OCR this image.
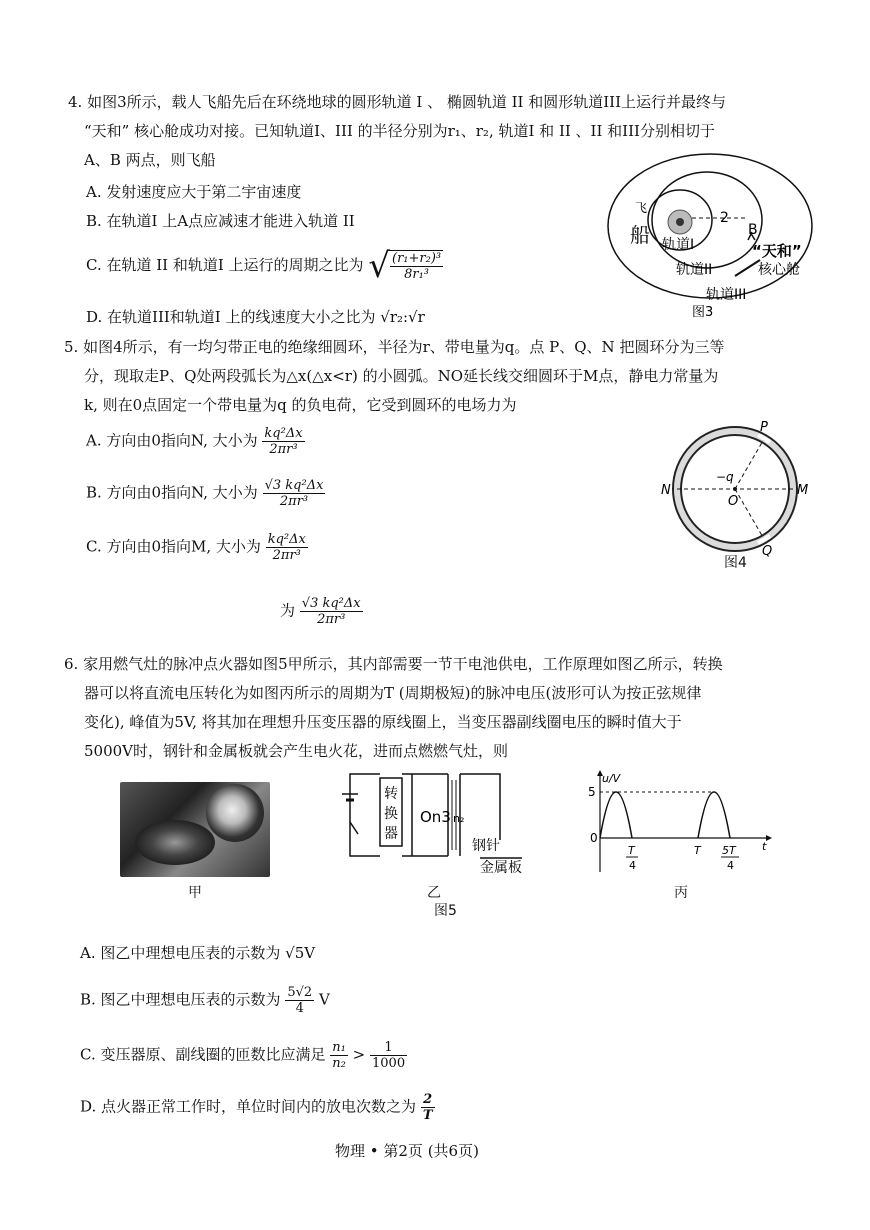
4. 如图3所示，载人飞船先后在环绕地球的圆形轨道 I 、 椭圆轨道 II 和圆形轨道III上运行并最终与
“天和” 核心舱成功对接。已知轨道I、III 的半径分别为r₁、r₂, 轨道I 和 II 、II 和III分别相切于
A、B 两点，则飞船
A. 发射速度应大于第二宇宙速度
B. 在轨道I 上A点应减速才能进入轨道 II
C. 在轨道 II 和轨道I 上运行的周期之比为 √ $\frac{\text{(r₁+r₂)³}}{\text{8r₁³}}$
D. 在轨道III和轨道I 上的线速度大小之比为 √r₂:√r
飞
船
2
B
“天和”
核心舱
轨道I
轨道II
轨道III
图3
5. 如图4所示，有一均匀带正电的绝缘细圆环，半径为r、带电量为q。点 P、Q、N 把圆环分为三等
分，现取走P、Q处两段弧长为△x(△x<r) 的小圆弧。NO延长线交细圆环于M点，静电力常量为
k, 则在0点固定一个带电量为q 的负电荷，它受到圆环的电场力为
A. 方向由0指向N, 大小为 $\frac{\text{kq²Δx}}{\text{2πr³}}$
B. 方向由0指向N, 大小为 $\frac{\text{√3 kq²Δx}}{\text{2πr³}}$
C. 方向由0指向M, 大小为 $\frac{\text{kq²Δx}}{\text{2πr³}}$
为 $\frac{\text{√3 kq²Δx}}{\text{2πr³}}$
P
Q
N	M
O
−q
图4
6. 家用燃气灶的脉冲点火器如图5甲所示，其内部需要一节干电池供电，工作原理如图乙所示，转换
器可以将直流电压转化为如图丙所示的周期为T (周期极短)的脉冲电压(波形可认为按正弦规律
变化), 峰值为5V, 将其加在理想升压变压器的原线圈上，当变压器副线圈电压的瞬时值大于
5000V时，钢针和金属板就会产生电火花，进而点燃燃气灶，则
甲
转
换
器
On3 n₂
钢针
金属板
乙
图5
u/V
5
0
t
T
4
T 5T
4
丙
A. 图乙中理想电压表的示数为 √5V
B. 图乙中理想电压表的示数为 $\frac{5√2}{4}$ V
C. 变压器原、副线圈的匝数比应满足 $\frac{\text{n₁}}{\text{n₂}} > \frac{1}{1000}$
D. 点火器正常工作时，单位时间内的放电次数之为 $\frac{2}{T}$
物理 • 第2页 (共6页)
